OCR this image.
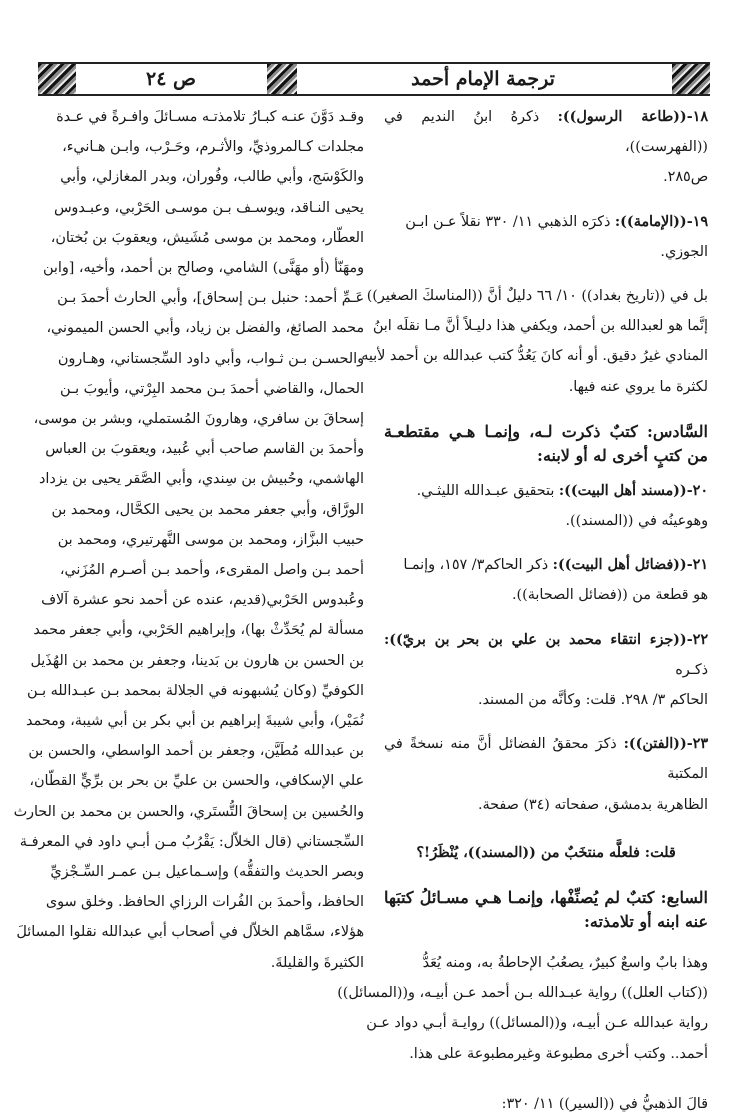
ص ٢٤	ترجمة الإمام أحمد
وقـد دَوَّنَ عنـه كبـارُ تلامذتـه مسـائلَ وافـرةً في عـدة
مجلدات كـالمروذيِّ، والأثـرم، وحَـرْب، وابـن هـانيء،
والكَوْسَج، وأبي طالب، وفُوران، وبدر المغازلي، وأبي
يحيى النـاقد، ويوسـف بـن موسـى الحَرْبي، وعبـدوس
العطّار، ومحمد بن موسى مُشَيش، ويعقوبَ بن بُختان،
ومهَنّأ (أو مهَنَّى) الشامي، وصالح بن أحمد، وأخيه، [وابن
عَـمِّ أحمد: حنبل بـن إسحاق]، وأبي الحارث أحمدَ بـن
محمد الصائغ، والفضل بن زياد، وأبي الحسن الميموني،
والحسـن بـن ثـواب، وأبي داود السِّجستاني، وهـارون
الحمال، والقاضي أحمدَ بـن محمد البِرْتي، وأيوبَ بـن
إسحاقَ بن سافري، وهارونَ المُستملي، وبشر بن موسى،
وأحمدَ بن القاسم صاحب أبي عُبيد، ويعقوبَ بن العباس
الهاشمي، وحُبيش بن سِندي، وأبي الصَّقر يحيى بن يزداد
الورَّاق، وأبي جعفر محمد بن يحيى الكحَّال، ومحمد بن
حبيب البزَّاز، ومحمد بن موسى النَّهرتيري، ومحمد بن
أحمد بـن واصل المقرىء، وأحمد بـن أصـرم المُزَني،
وعُبدوس الحَرْبي(قديم، عنده عن أحمد نحو عشرة آلاف
مسألة لم يُحَدِّثْ بها)، وإبراهيم الحَرْبي، وأبي جعفر محمد
بن الحسن بن هارون بن بَدينا، وجعفر بن محمد بن الهُذَيل
الكوفيِّ (وكان يُشبهونه في الجلالة بمحمد بـن عبـدالله بـن
نُمَيْر)، وأبي شيبةَ إبراهيم بن أبي بكر بن أبي شيبة، ومحمد
بن عبدالله مُطَيَّن، وجعفر بن أحمد الواسطي، والحسن بن
علي الإسكافي، والحسن بن عليِّ بن بحر بن برِّيٍّ القطّان،
والحُسين بن إسحاقَ التُّستَري، والحسن بن محمد بن الحارث
السِّجستاني (قال الخلاّل: يَقْرُبُ مـن أبـي داود في المعرفـة
وبصر الحديث والتفقُّه) وإسـماعيل بـن عمـر السِّـجْزيِّ
الحافظ، وأحمدَ بن الفُرات الرزاي الحافظ. وخلق سوى
هؤلاء، سمَّاهم الخلاّل في أصحاب أبي عبدالله نقلوا المسائلَ
الكثيرةَ والقليلةَ.
١٨-((طاعة الرسول)): ذكرهُ ابنُ النديم في ((الفهرست))،
ص٢٨٥.
١٩-((الإمامة)): ذكرَه الذهبي ١١/ ٣٣٠ نقلاً عـن ابـن
الجوزي.
بل في ((تاريخ بغداد)) ١٠/ ٦٦ دليلٌ أنَّ ((المناسكَ الصغير))
إنَّما هو لعبدالله بن أحمد، ويكفي هذا دليـلاً أنَّ مـا نقلَه ابنُ
المنادي غيرُ دقيق. أو أنه كانَ يَعُدُّ كتب عبدالله بن أحمد لأبيه
لكثرة ما يروي عنه فيها.
السَّادس: كتبٌ ذكرت لـه، وإنمـا هـي مقتطعـة من كتبٍ أخرى له أو لابنه:
٢٠-((مسند أهل البيت)): بتحقيق عبـدالله الليثـي.
وهوعينُه في ((المسند)).
٢١-((فضائل أهل البيت)): ذكر الحاكم٣/ ١٥٧، وإنمـا
هو قطعة من ((فضائل الصحابة)).
٢٢-((جزء انتقاء محمد بن علي بن بحر بن بريّ)): ذكـره
الحاكم ٣/ ٢٩٨. قلت: وكأنَّه من المسند.
٢٣-((الفتن)): ذكرَ محققُ الفضائل أنَّ منه نسخةً في المكتبة
الظاهرية بدمشق، صفحاته (٣٤) صفحة.
قلت: فلعلَّه منتخَبٌ من ((المسند))، يُنْظَرُ!؟
السابع: كتبٌ لم يُصنِّفْها، وإنمـا هـي مسـائلُ كتبَها عنه ابنه أو تلامذته:
وهذا بابٌ واسعٌ كبيرٌ، يصعُبُ الإحاطةُ به، ومنه يُعَدُّ
((كتاب العلل)) رواية عبـدالله بـن أحمد عـن أبيـه، و((المسائل))
رواية عبدالله عـن أبيـه، و((المسائل)) روايـة أبـي دواد عـن
أحمد.. وكتب أخرى مطبوعة وغيرمطبوعة على هذا.
قالَ الذهبيُّ في ((السير)) ١١/ ٣٢٠:
